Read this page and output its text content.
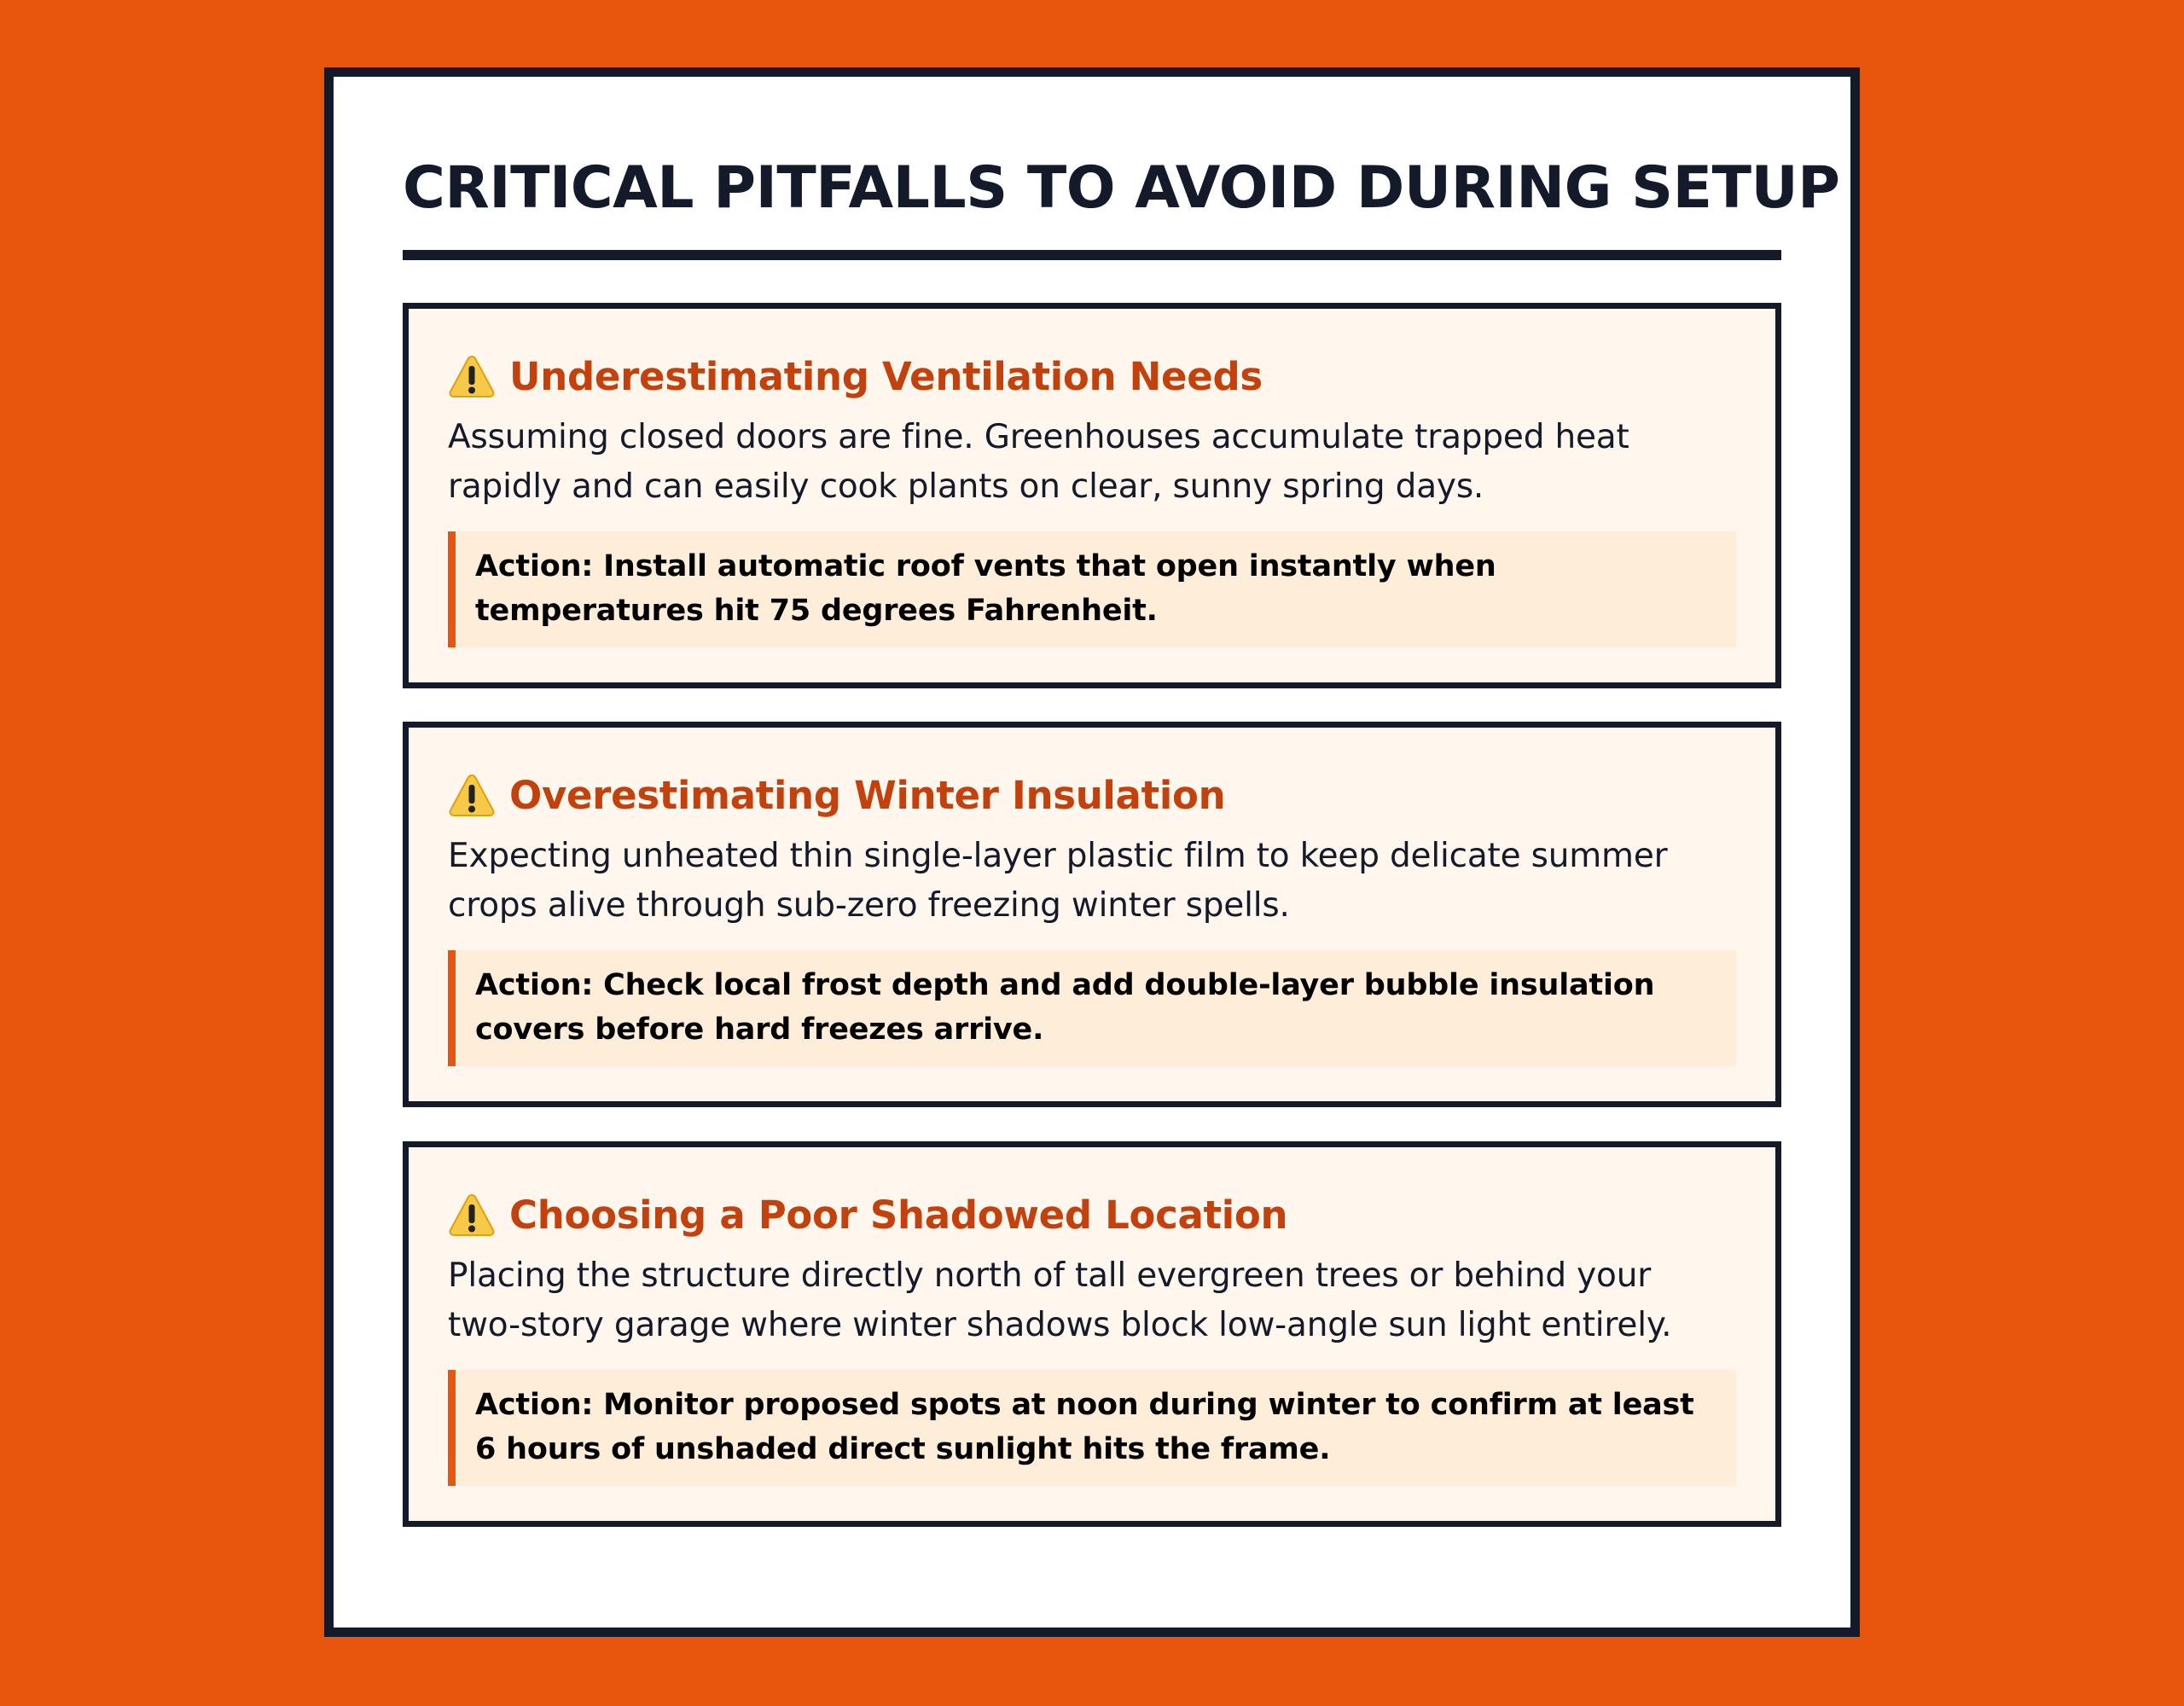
CRITICAL PITFALLS TO AVOID DURING SETUP
Underestimating Ventilation Needs
Assuming closed doors are fine. Greenhouses accumulate trapped heat rapidly and can easily cook plants on clear, sunny spring days.
Action: Install automatic roof vents that open instantly when temperatures hit 75 degrees Fahrenheit.
Overestimating Winter Insulation
Expecting unheated thin single-layer plastic film to keep delicate summer crops alive through sub-zero freezing winter spells.
Action: Check local frost depth and add double-layer bubble insulation covers before hard freezes arrive.
Choosing a Poor Shadowed Location
Placing the structure directly north of tall evergreen trees or behind your two-story garage where winter shadows block low-angle sun light entirely.
Action: Monitor proposed spots at noon during winter to confirm at least 6 hours of unshaded direct sunlight hits the frame.
